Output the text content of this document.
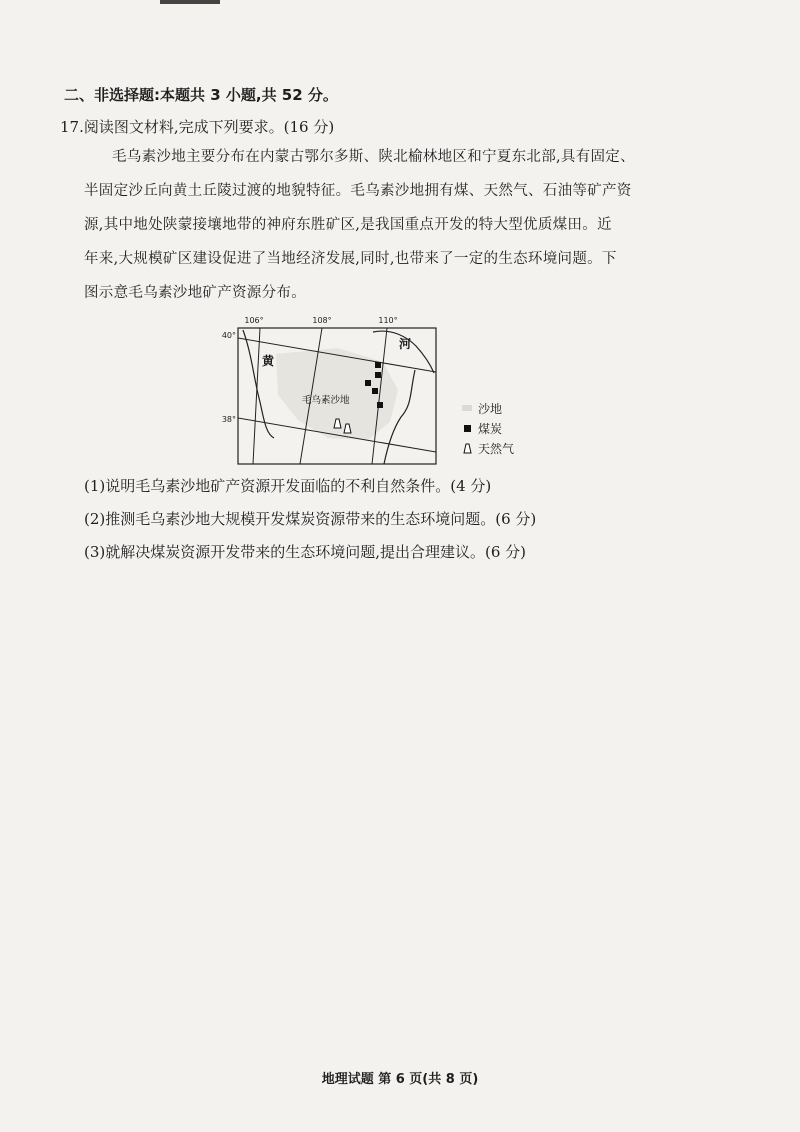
二、非选择题:本题共 3 小题,共 52 分。
17.阅读图文材料,完成下列要求。(16 分)

毛乌素沙地主要分布在内蒙古鄂尔多斯、陕北榆林地区和宁夏东北部,具有固定、

半固定沙丘向黄土丘陵过渡的地貌特征。毛乌素沙地拥有煤、天然气、石油等矿产资

源,其中地处陕蒙接壤地带的神府东胜矿区,是我国重点开发的特大型优质煤田。近

年来,大规模矿区建设促进了当地经济发展,同时,也带来了一定的生态环境问题。下

图示意毛乌素沙地矿产资源分布。

106°	108°	110°
40°
38°
黄
河
毛乌素沙地
沙地
煤炭
天然气
(1)说明毛乌素沙地矿产资源开发面临的不利自然条件。(4 分)
(2)推测毛乌素沙地大规模开发煤炭资源带来的生态环境问题。(6 分)
(3)就解决煤炭资源开发带来的生态环境问题,提出合理建议。(6 分)
地理试题 第 6 页(共 8 页)
